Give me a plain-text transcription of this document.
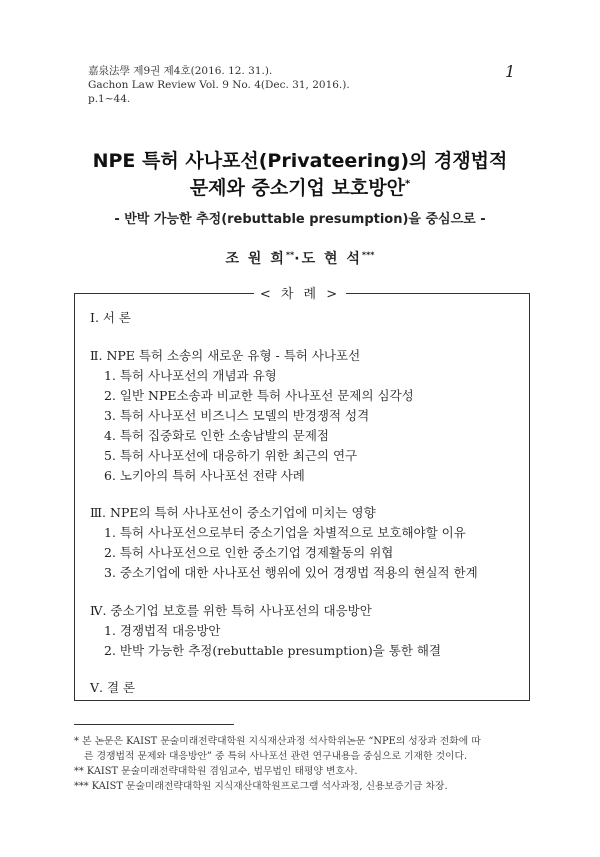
嘉泉法學 제9권 제4호(2016. 12. 31.).
Gachon Law Review Vol. 9 No. 4(Dec. 31, 2016.).
p.1~44.
1
NPE 특허 사나포선(Privateering)의 경쟁법적
문제와 중소기업 보호방안*
- 반박 가능한 추정(rebuttable presumption)을 중심으로 -
조 원 희**·도 현 석***
< 차 례 >
Ⅰ. 서 론
Ⅱ. NPE 특허 소송의 새로운 유형 - 특허 사나포선
1. 특허 사나포선의 개념과 유형
2. 일반 NPE소송과 비교한 특허 사나포선 문제의 심각성
3. 특허 사나포선 비즈니스 모델의 반경쟁적 성격
4. 특허 집중화로 인한 소송남발의 문제점
5. 특허 사나포선에 대응하기 위한 최근의 연구
6. 노키아의 특허 사나포선 전략 사례
Ⅲ. NPE의 특허 사나포선이 중소기업에 미치는 영향
1. 특허 사나포선으로부터 중소기업을 차별적으로 보호해야할 이유
2. 특허 사나포선으로 인한 중소기업 경제활동의 위협
3. 중소기업에 대한 사나포선 행위에 있어 경쟁법 적용의 현실적 한계
Ⅳ. 중소기업 보호를 위한 특허 사나포선의 대응방안
1. 경쟁법적 대응방안
2. 반박 가능한 추정(rebuttable presumption)을 통한 해결
Ⅴ. 결 론
* 본 논문은 KAIST 문술미래전략대학원 지식재산과정 석사학위논문 “NPE의 성장과 전화에 따
른 경쟁법적 문제와 대응방안” 중 특허 사나포선 관련 연구내용을 중심으로 기재한 것이다.
** KAIST 문술미래전략대학원 겸임교수, 법무법인 태평양 변호사.
*** KAIST 문술미래전략대학원 지식재산대학원프로그램 석사과정, 신용보증기금 차장.
